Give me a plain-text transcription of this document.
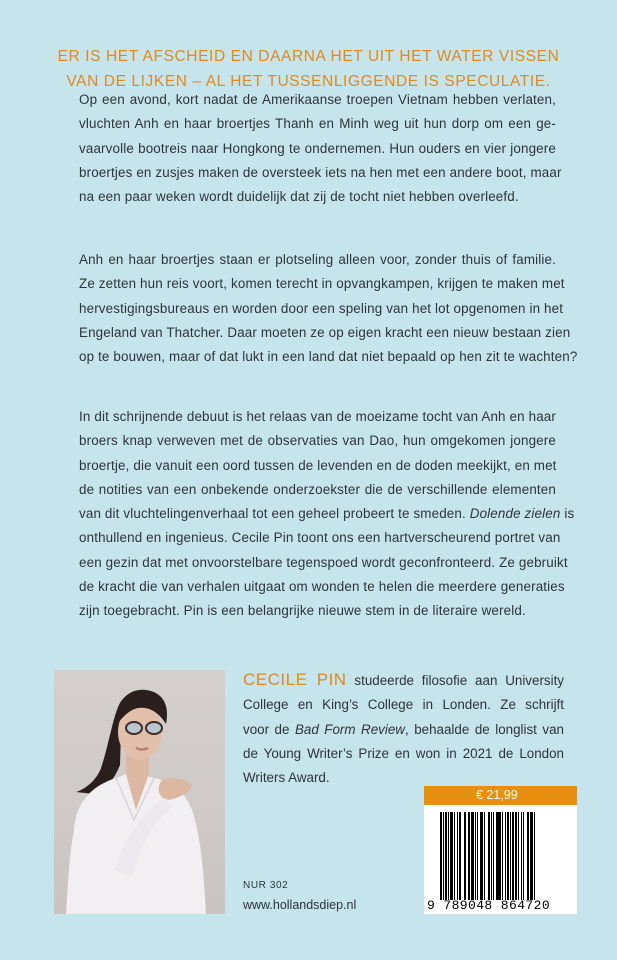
ER IS HET AFSCHEID EN DAARNA HET UIT HET WATER VISSEN
VAN DE LIJKEN – AL HET TUSSENLIGGENDE IS SPECULATIE.
Op een avond, kort nadat de Amerikaanse troepen Vietnam hebben verlaten,
vluchten Anh en haar broertjes Thanh en Minh weg uit hun dorp om een ge-
vaarvolle bootreis naar Hongkong te ondernemen. Hun ouders en vier jongere
broertjes en zusjes maken de oversteek iets na hen met een andere boot, maar
na een paar weken wordt duidelijk dat zij de tocht niet hebben overleefd.
Anh en haar broertjes staan er plotseling alleen voor, zonder thuis of familie.
Ze zetten hun reis voort, komen terecht in opvangkampen, krijgen te maken met
hervestigingsbureaus en worden door een speling van het lot opgenomen in het
Engeland van Thatcher. Daar moeten ze op eigen kracht een nieuw bestaan zien
op te bouwen, maar of dat lukt in een land dat niet bepaald op hen zit te wachten?
In dit schrijnende debuut is het relaas van de moeizame tocht van Anh en haar
broers knap verweven met de observaties van Dao, hun omgekomen jongere
broertje, die vanuit een oord tussen de levenden en de doden meekijkt, en met
de notities van een onbekende onderzoekster die de verschillende elementen
van dit vluchtelingenverhaal tot een geheel probeert te smeden. Dolende zielen is
onthullend en ingenieus. Cecile Pin toont ons een hartverscheurend portret van
een gezin dat met onvoorstelbare tegenspoed wordt geconfronteerd. Ze gebruikt
de kracht die van verhalen uitgaat om wonden te helen die meerdere generaties
zijn toegebracht. Pin is een belangrijke nieuwe stem in de literaire wereld.
CECILE PIN studeerde filosofie aan University
College en King’s College in Londen. Ze schrijft
voor de Bad Form Review, behaalde de longlist van
de Young Writer’s Prize en won in 2021 de London
Writers Award.
NUR 302
www.hollandsdiep.nl
€ 21,99
9 789048 864720
